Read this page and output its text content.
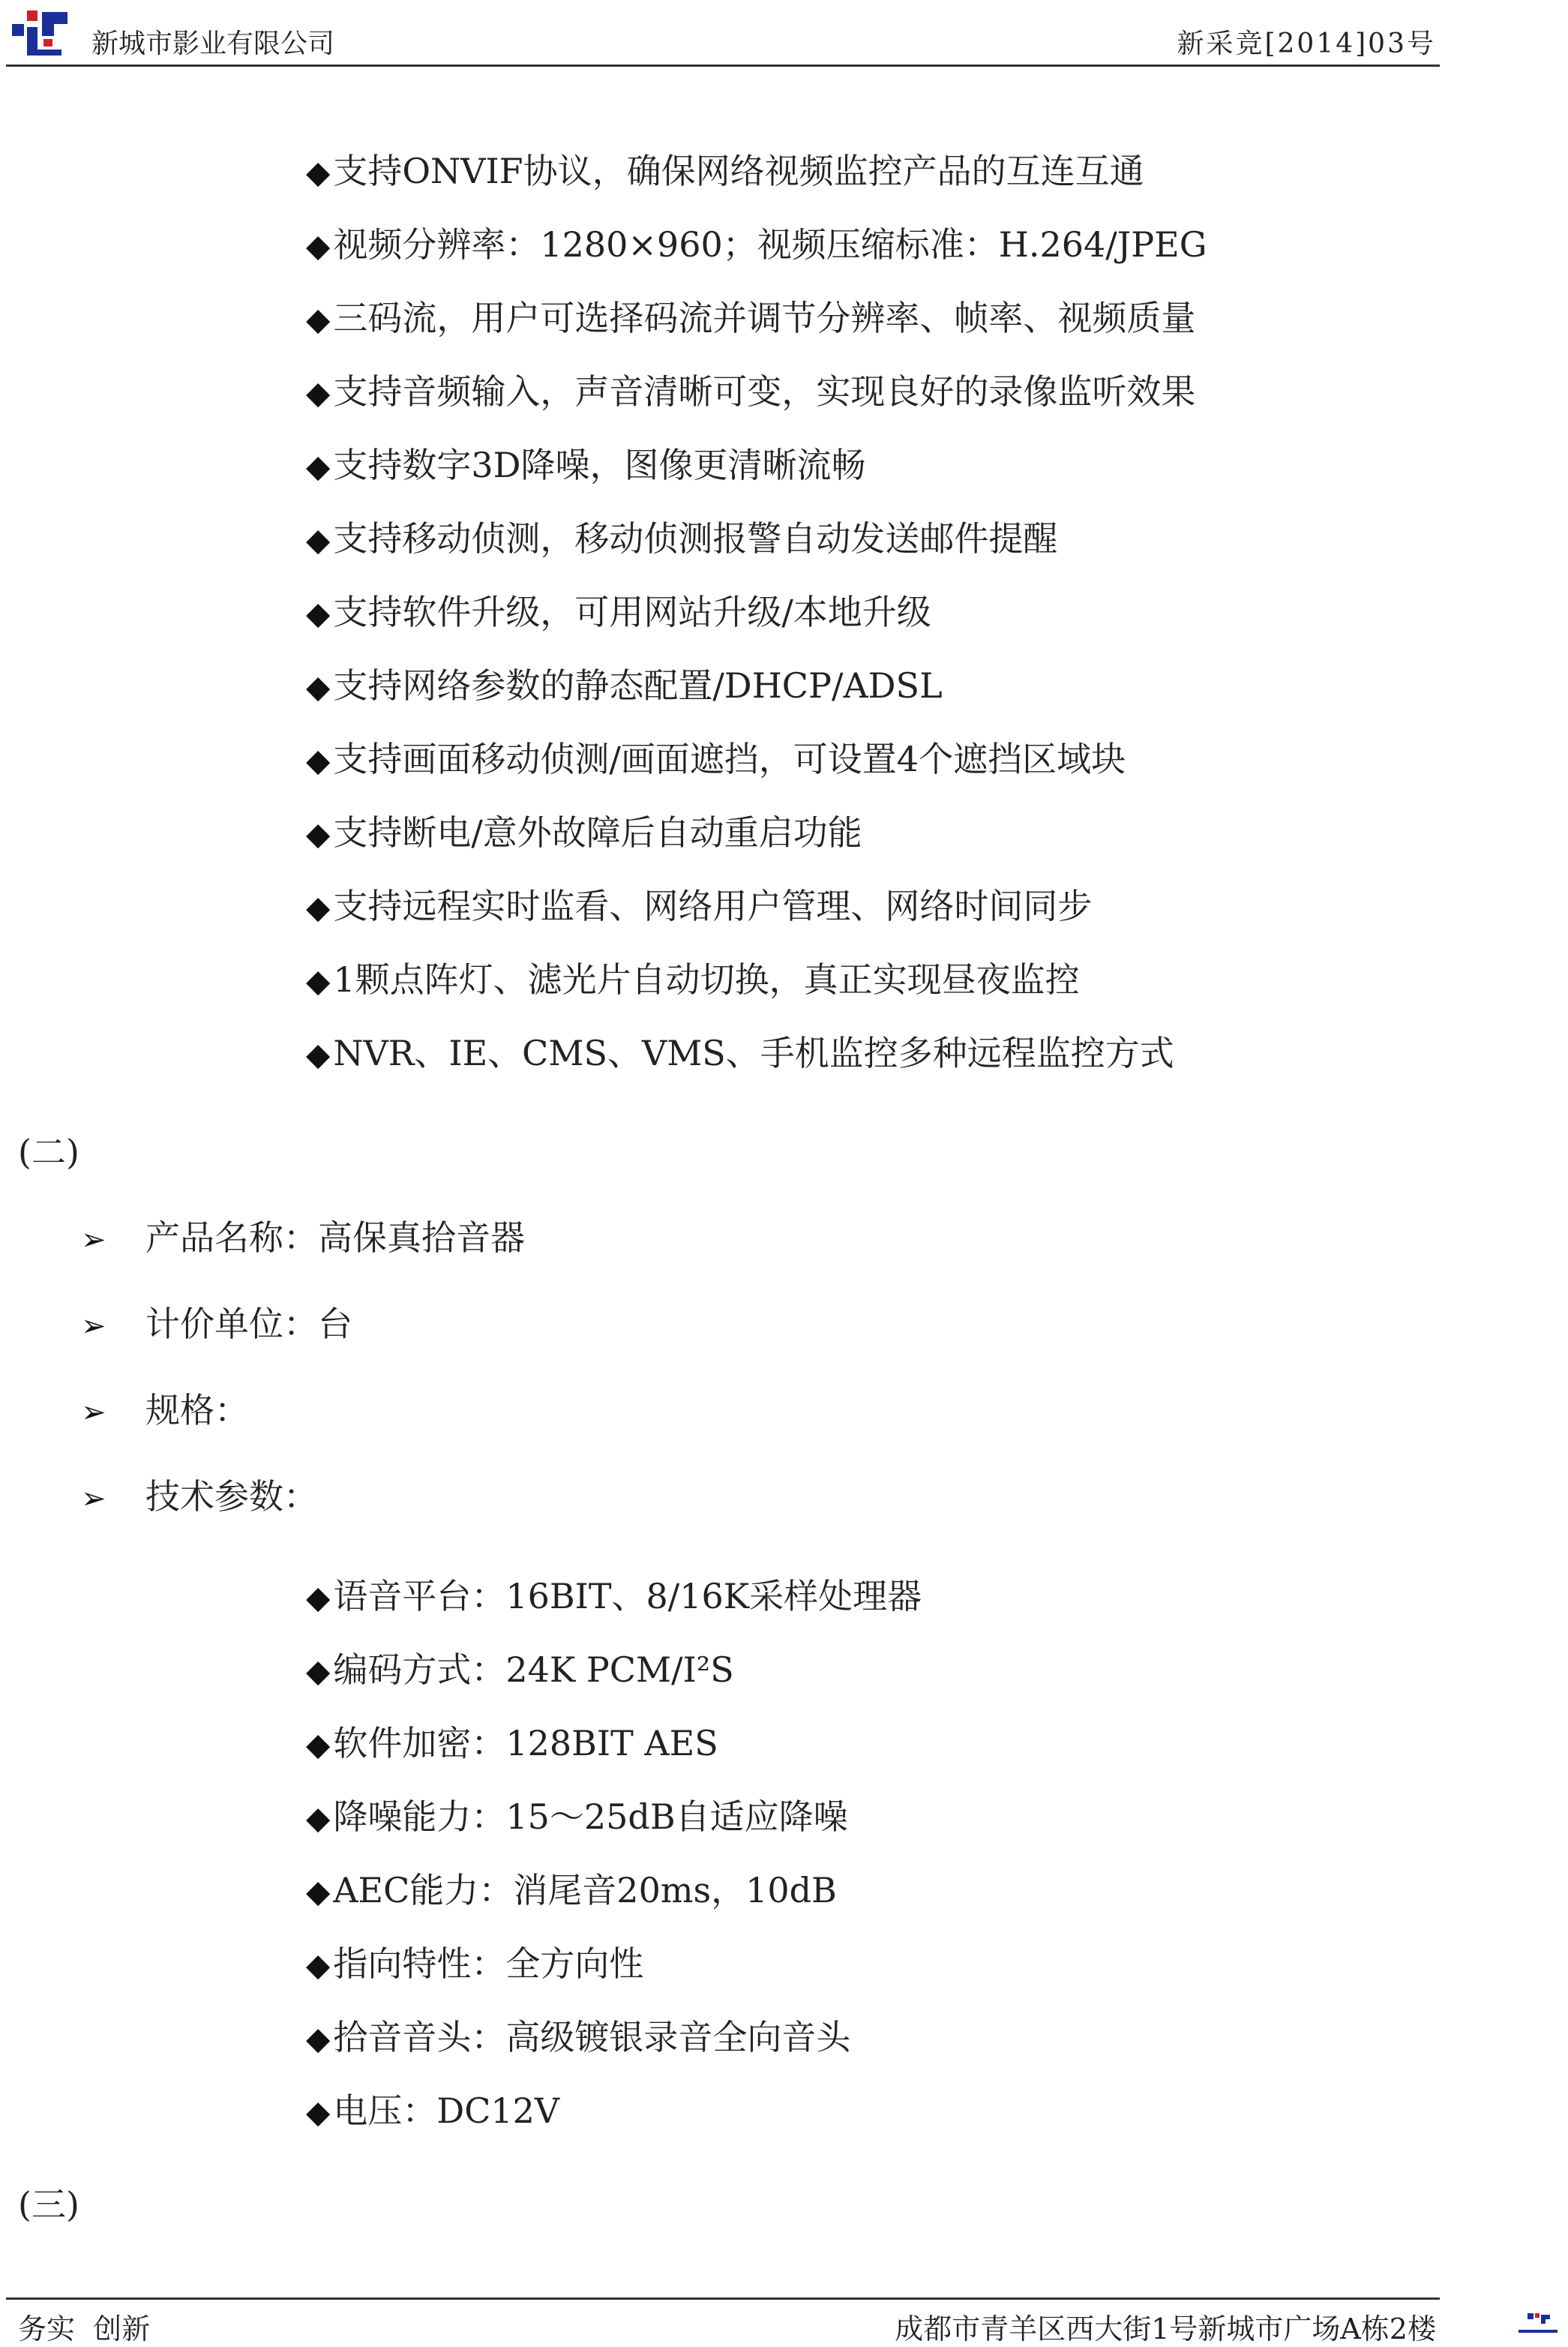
新城市影业有限公司	新采竞[2014]03号
◆支持ONVIF协议，确保网络视频监控产品的互连互通
◆视频分辨率：1280×960；视频压缩标准：H.264/JPEG
◆三码流，用户可选择码流并调节分辨率、帧率、视频质量
◆支持音频输入，声音清晰可变，实现良好的录像监听效果
◆支持数字3D降噪，图像更清晰流畅
◆支持移动侦测，移动侦测报警自动发送邮件提醒
◆支持软件升级，可用网站升级/本地升级
◆支持网络参数的静态配置/DHCP/ADSL
◆支持画面移动侦测/画面遮挡，可设置4个遮挡区域块
◆支持断电/意外故障后自动重启功能
◆支持远程实时监看、网络用户管理、网络时间同步
◆1颗点阵灯、滤光片自动切换，真正实现昼夜监控
◆NVR、IE、CMS、VMS、手机监控多种远程监控方式
(二)
➢ 产品名称：高保真拾音器
➢ 计价单位：台
➢ 规格：
➢ 技术参数：
◆语音平台：16BIT、8/16K采样处理器
◆编码方式：24K PCM/I²S
◆软件加密：128BIT AES
◆降噪能力：15～25dB自适应降噪
◆AEC能力：消尾音20ms，10dB
◆指向特性：全方向性
◆拾音音头：高级镀银录音全向音头
◆电压：DC12V
(三)
务实  创新	成都市青羊区西大街1号新城市广场A栋2楼
